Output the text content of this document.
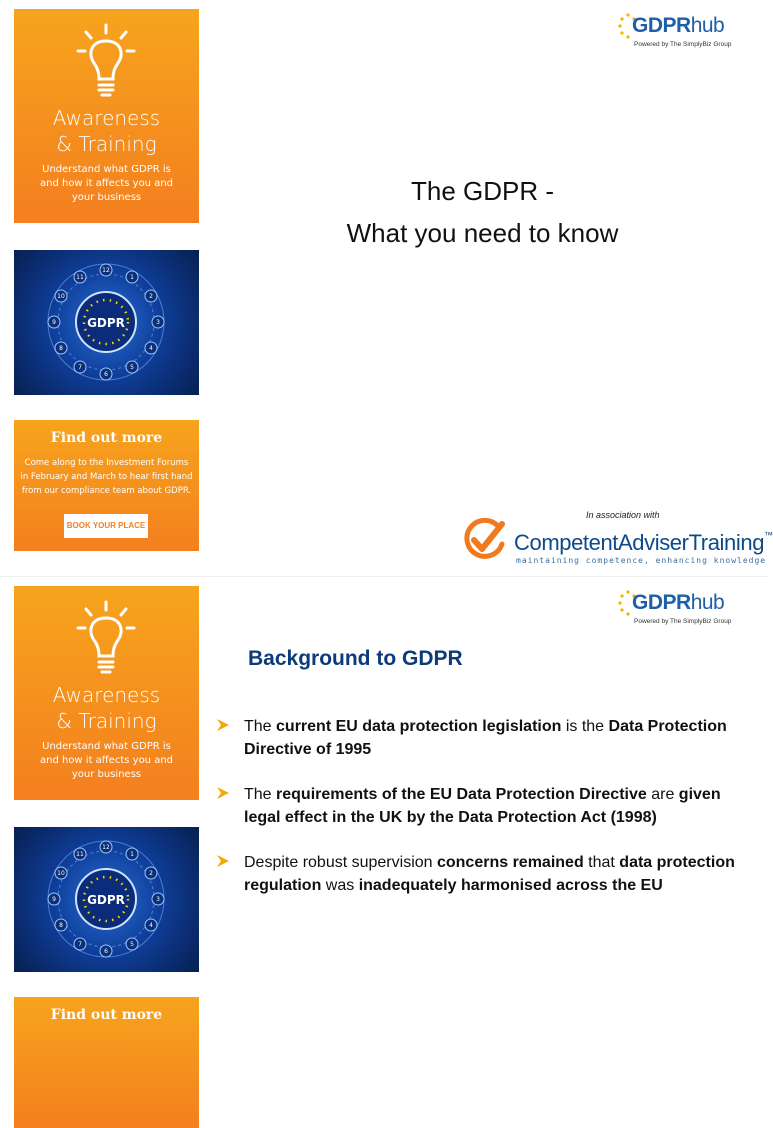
Awareness
& Training
Understand what GDPR is and how it affects you and your business
12
1
2
3
4
5
6
7
8
9
10
11
GDPR
Find out more
Come along to the Investment Forums in February and March to hear first hand from our compliance team about GDPR.
BOOK YOUR PLACE
GDPRhub
Powered by The SimplyBiz Group
The GDPR -
What you need to know
In association with
CompetentAdviserTraining™
maintaining competence, enhancing knowledge
Awareness
& Training
Understand what GDPR is and how it affects you and your business
12
1
2
3
4
5
6
7
8
9
10
11
GDPR
Find out more
GDPRhub
Powered by The SimplyBiz Group
Background to GDPR
The current EU data protection legislation is the Data Protection Directive of 1995
The requirements of the EU Data Protection Directive are given legal effect in the UK by the Data Protection Act (1998)
Despite robust supervision concerns remained that data protection regulation was inadequately harmonised across the EU
